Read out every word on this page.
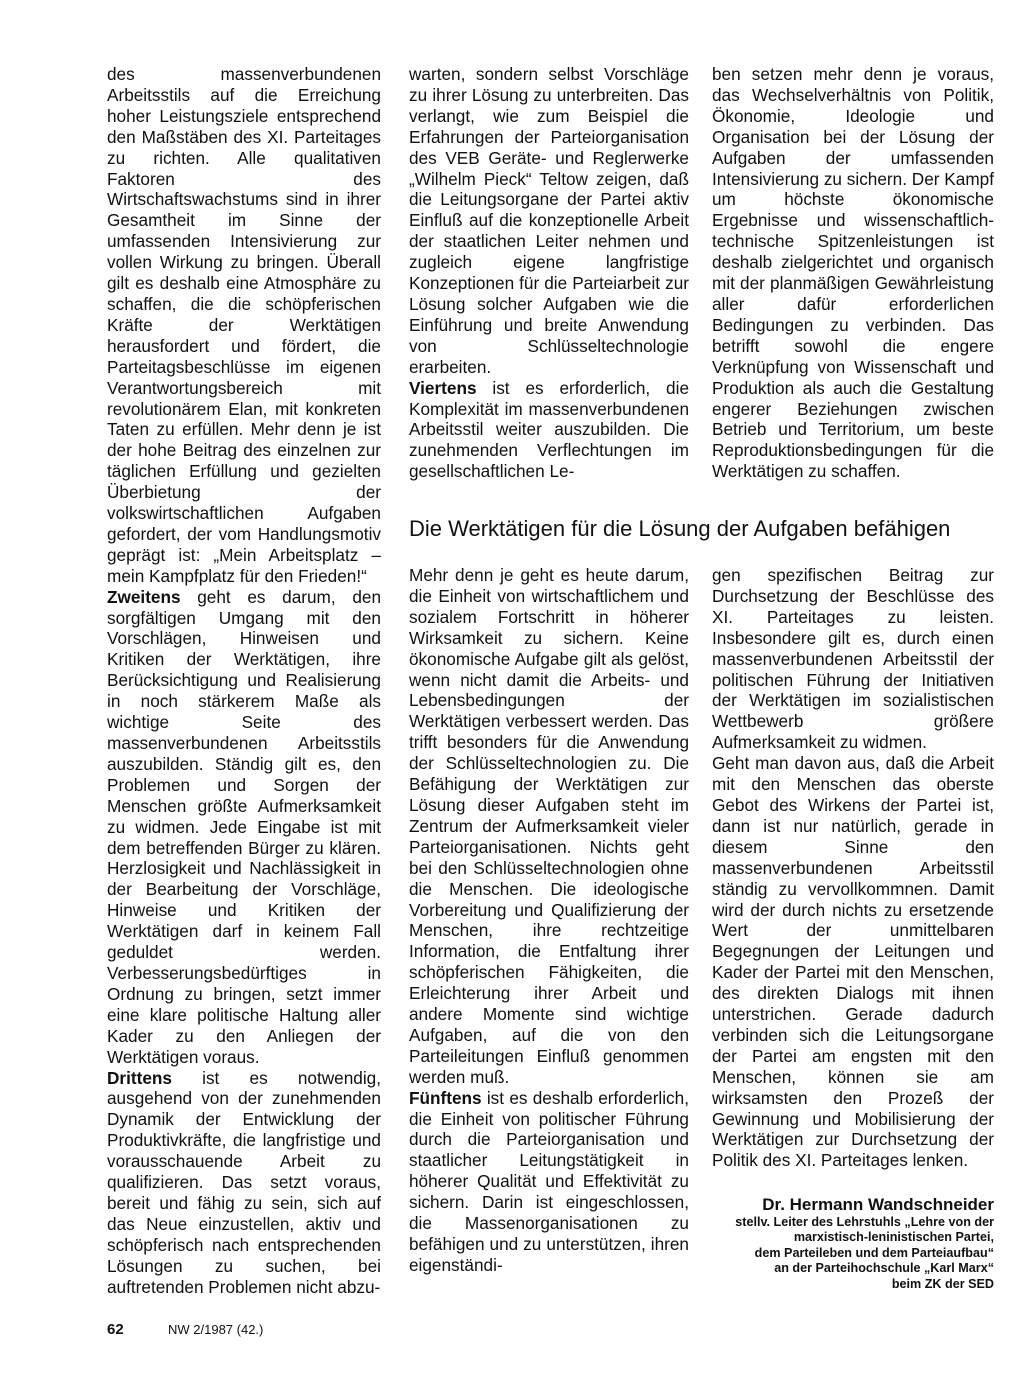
des massenverbundenen Arbeitsstils auf die Erreichung hoher Leistungsziele entsprechend den Maßstäben des XI. Parteitages zu richten. Alle qualitativen Faktoren des Wirtschaftswachstums sind in ihrer Gesamtheit im Sinne der umfassenden Intensivierung zur vollen Wirkung zu bringen. Überall gilt es deshalb eine Atmosphäre zu schaffen, die die schöpferischen Kräfte der Werktätigen herausfordert und fördert, die Parteitagsbeschlüsse im eigenen Verantwortungsbereich mit revolutionärem Elan, mit konkreten Taten zu erfüllen. Mehr denn je ist der hohe Beitrag des einzelnen zur täglichen Erfüllung und gezielten Überbietung der volkswirtschaftlichen Aufgaben gefordert, der vom Handlungsmotiv geprägt ist: „Mein Arbeitsplatz – mein Kampfplatz für den Frieden!“

Zweitens geht es darum, den sorgfältigen Umgang mit den Vorschlägen, Hinweisen und Kritiken der Werktätigen, ihre Berücksichtigung und Realisierung in noch stärkerem Maße als wichtige Seite des massenverbundenen Arbeitsstils auszubilden. Ständig gilt es, den Problemen und Sorgen der Menschen größte Aufmerksamkeit zu widmen. Jede Eingabe ist mit dem betreffenden Bürger zu klären. Herzlosigkeit und Nachlässigkeit in der Bearbeitung der Vorschläge, Hinweise und Kritiken der Werktätigen darf in keinem Fall geduldet werden. Verbesserungsbedürftiges in Ordnung zu bringen, setzt immer eine klare politische Haltung aller Kader zu den Anliegen der Werktätigen voraus.

Drittens ist es notwendig, ausgehend von der zunehmenden Dynamik der Entwicklung der Produktivkräfte, die langfristige und vorausschauende Arbeit zu qualifizieren. Das setzt voraus, bereit und fähig zu sein, sich auf das Neue einzustellen, aktiv und schöpferisch nach entsprechenden Lösungen zu suchen, bei auftretenden Problemen nicht abzu-

warten, sondern selbst Vorschläge zu ihrer Lösung zu unterbreiten. Das verlangt, wie zum Beispiel die Erfahrungen der Parteiorganisation des VEB Geräte- und Reglerwerke „Wilhelm Pieck“ Teltow zeigen, daß die Leitungsorgane der Partei aktiv Einfluß auf die konzeptionelle Arbeit der staatlichen Leiter nehmen und zugleich eigene langfristige Konzeptionen für die Parteiarbeit zur Lösung solcher Aufgaben wie die Einführung und breite Anwendung von Schlüsseltechnologie erarbeiten.

Viertens ist es erforderlich, die Komplexität im massenverbundenen Arbeitsstil weiter auszubilden. Die zunehmenden Verflechtungen im gesellschaftlichen Le-

ben setzen mehr denn je voraus, das Wechselverhältnis von Politik, Ökonomie, Ideologie und Organisation bei der Lösung der Aufgaben der umfassenden Intensivierung zu sichern. Der Kampf um höchste ökonomische Ergebnisse und wissenschaftlich-technische Spitzenleistungen ist deshalb zielgerichtet und organisch mit der planmäßigen Gewährleistung aller dafür erforderlichen Bedingungen zu verbinden. Das betrifft sowohl die engere Verknüpfung von Wissenschaft und Produktion als auch die Gestaltung engerer Beziehungen zwischen Betrieb und Territorium, um beste Reproduktionsbedingungen für die Werktätigen zu schaffen.

Die Werktätigen für die Lösung der Aufgaben befähigen

Mehr denn je geht es heute darum, die Einheit von wirtschaftlichem und sozialem Fortschritt in höherer Wirksamkeit zu sichern. Keine ökonomische Aufgabe gilt als gelöst, wenn nicht damit die Arbeits- und Lebensbedingungen der Werktätigen verbessert werden. Das trifft besonders für die Anwendung der Schlüsseltechnologien zu. Die Befähigung der Werktätigen zur Lösung dieser Aufgaben steht im Zentrum der Aufmerksamkeit vieler Parteiorganisationen. Nichts geht bei den Schlüsseltechnologien ohne die Menschen. Die ideologische Vorbereitung und Qualifizierung der Menschen, ihre rechtzeitige Information, die Entfaltung ihrer schöpferischen Fähigkeiten, die Erleichterung ihrer Arbeit und andere Momente sind wichtige Aufgaben, auf die von den Parteileitungen Einfluß genommen werden muß.

Fünftens ist es deshalb erforderlich, die Einheit von politischer Führung durch die Parteiorganisation und staatlicher Leitungstätigkeit in höherer Qualität und Effektivität zu sichern. Darin ist eingeschlossen, die Massenorganisationen zu befähigen und zu unterstützen, ihren eigenständi-

gen spezifischen Beitrag zur Durchsetzung der Beschlüsse des XI. Parteitages zu leisten. Insbesondere gilt es, durch einen massenverbundenen Arbeitsstil der politischen Führung der Initiativen der Werktätigen im sozialistischen Wettbewerb größere Aufmerksamkeit zu widmen.

Geht man davon aus, daß die Arbeit mit den Menschen das oberste Gebot des Wirkens der Partei ist, dann ist nur natürlich, gerade in diesem Sinne den massenverbundenen Arbeitsstil ständig zu vervollkommnen. Damit wird der durch nichts zu ersetzende Wert der unmittelbaren Begegnungen der Leitungen und Kader der Partei mit den Menschen, des direkten Dialogs mit ihnen unterstrichen. Gerade dadurch verbinden sich die Leitungsorgane der Partei am engsten mit den Menschen, können sie am wirksamsten den Prozeß der Gewinnung und Mobilisierung der Werktätigen zur Durchsetzung der Politik des XI. Parteitages lenken.

Dr. Hermann Wandschneider
stellv. Leiter des Lehrstuhls „Lehre von der
marxistisch-leninistischen Partei,
dem Parteileben und dem Parteiaufbau“
an der Parteihochschule „Karl Marx“
beim ZK der SED
62	NW 2/1987 (42.)
